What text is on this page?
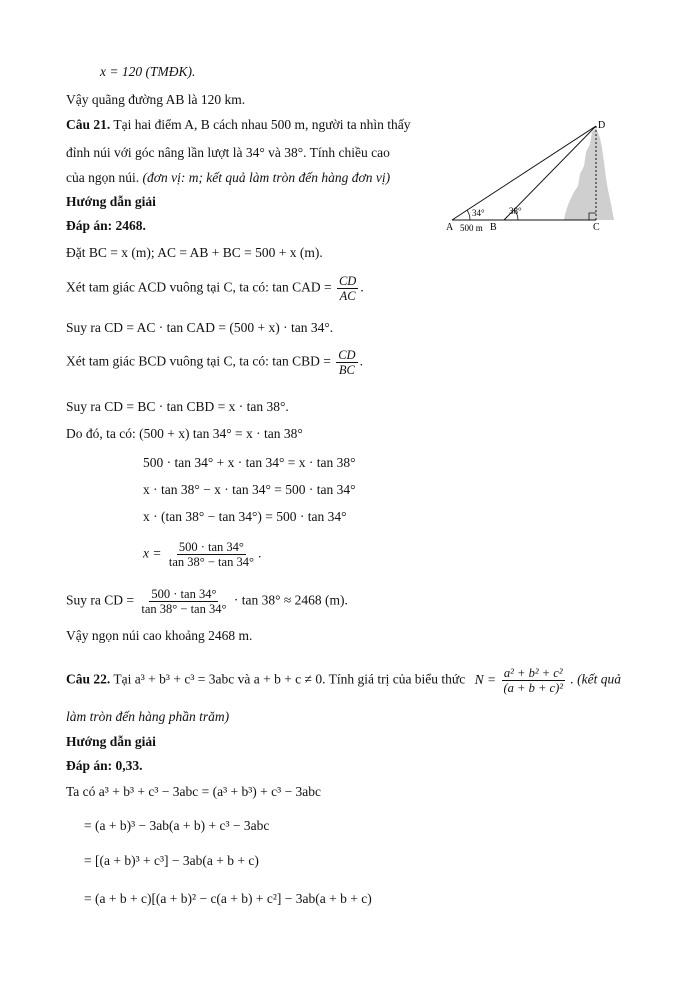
x = 120 (TMĐK).
Vậy quãng đường AB là 120 km.
Câu 21. Tại hai điểm A, B cách nhau 500 m, người ta nhìn thấy
đỉnh núi với góc nâng lần lượt là 34° và 38°. Tính chiều cao
của ngọn núi. (đơn vị: m; kết quả làm tròn đến hàng đơn vị)
Hướng dẫn giải
Đáp án: 2468.
D
A	B	C
34°	38°
500 m
Đặt BC = x (m); AC = AB + BC = 500 + x (m).
Xét tam giác ACD vuông tại C, ta có: tan CAD = $\frac{CD}{AC}$ .
Suy ra CD = AC · tan CAD = (500 + x) · tan 34°.
Xét tam giác BCD vuông tại C, ta có: tan CBD = $\frac{CD}{BC}$ .
Suy ra CD = BC · tan CBD = x · tan 38°.
Do đó, ta có: (500 + x) tan 34° = x · tan 38°
500 · tan 34° + x · tan 34° = x · tan 38°
x · tan 38° − x · tan 34° = 500 · tan 34°
x · (tan 38° − tan 34°) = 500 · tan 34°
$x = \frac{500 \cdot \tan 34^\circ}{\tan 38^\circ - \tan 34^\circ}$ .
Suy ra CD = $\frac{500 \cdot \tan 34^\circ}{\tan 38^\circ - \tan 34^\circ} \cdot \tan 38^\circ \approx 2468$ (m).
Vậy ngọn núi cao khoảng 2468 m.
Câu 22. Tại a³ + b³ + c³ = 3abc và a + b + c ≠ 0. Tính giá trị của biểu thức $N = \frac{\text{a² + b² + c²}}{\text{(a + b + c)²}}$ . (kết quả
làm tròn đến hàng phần trăm)
Hướng dẫn giải
Đáp án: 0,33.
Ta có a³ + b³ + c³ − 3abc = (a³ + b³) + c³ − 3abc
= (a + b)³ − 3ab(a + b) + c³ − 3abc
= [(a + b)³ + c³] − 3ab(a + b + c)
= (a + b + c)[(a + b)² − c(a + b) + c²] − 3ab(a + b + c)
